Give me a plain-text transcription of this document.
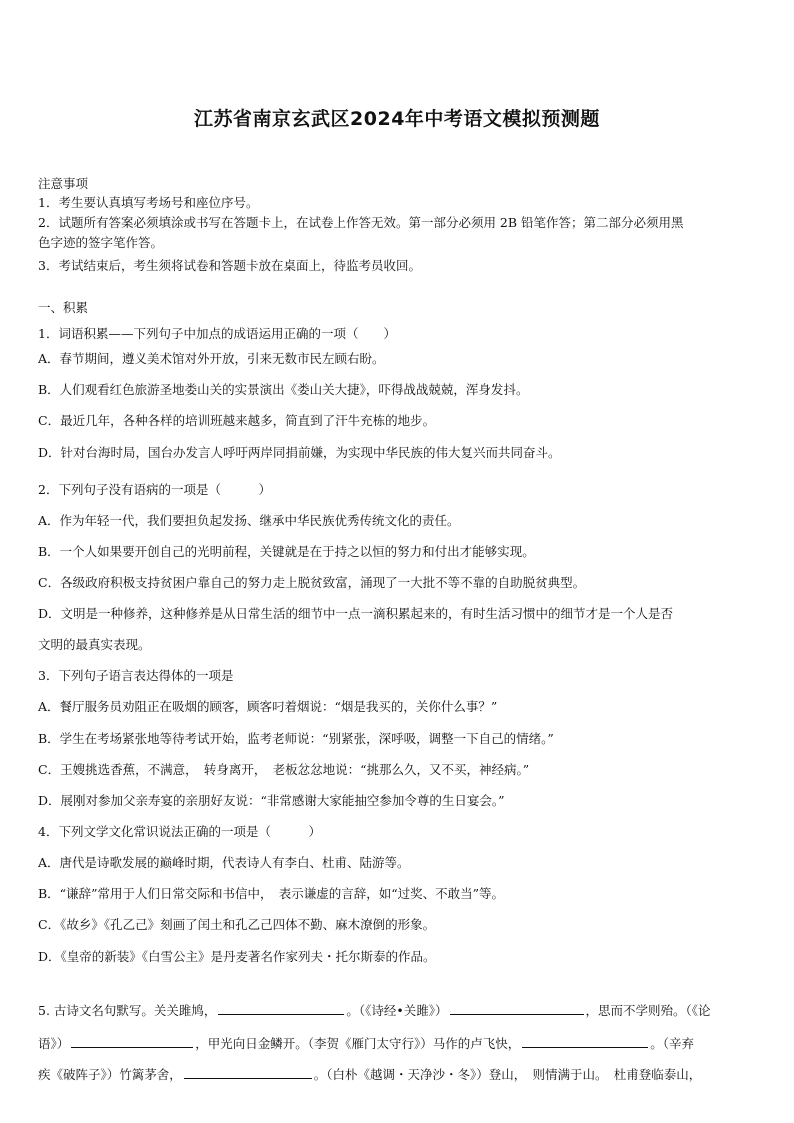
江苏省南京玄武区2024年中考语文模拟预测题
注意事项
1．考生要认真填写考场号和座位序号。
2．试题所有答案必须填涂或书写在答题卡上，在试卷上作答无效。第一部分必须用 2B 铅笔作答；第二部分必须用黑
色字迹的签字笔作答。
3．考试结束后，考生须将试卷和答题卡放在桌面上，待监考员收回。
一、积累
1．词语积累——下列句子中加点的成语运用正确的一项（　　）
A．春节期间，遵义美术馆对外开放，引来无数市民左顾右盼。
B．人们观看红色旅游圣地娄山关的实景演出《娄山关大捷》，吓得战战兢兢，浑身发抖。
C．最近几年，各种各样的培训班越来越多，简直到了汗牛充栋的地步。
D．针对台海时局，国台办发言人呼吁两岸同捐前嫌，为实现中华民族的伟大复兴而共同奋斗。
2．下列句子没有语病的一项是（　　　）
A．作为年轻一代，我们要担负起发扬、继承中华民族优秀传统文化的责任。
B．一个人如果要开创自己的光明前程，关键就是在于持之以恒的努力和付出才能够实现。
C．各级政府积极支持贫困户靠自己的努力走上脱贫致富，涌现了一大批不等不靠的自助脱贫典型。
D．文明是一种修养，这种修养是从日常生活的细节中一点一滴积累起来的，有时生活习惯中的细节才是一个人是否
文明的最真实表现。
3．下列句子语言表达得体的一项是
A．餐厅服务员劝阻正在吸烟的顾客，顾客叼着烟说：“烟是我买的，关你什么事？”
B．学生在考场紧张地等待考试开始，监考老师说：“别紧张，深呼吸，调整一下自己的情绪。”
C．王嫂挑选香蕉，不满意，　转身离开，　老板忿忿地说：“挑那么久，又不买，神经病。”
D．展刚对参加父亲寿宴的亲朋好友说：“非常感谢大家能抽空参加令尊的生日宴会。”
4．下列文学文化常识说法正确的一项是（　　　）
A．唐代是诗歌发展的巅峰时期，代表诗人有李白、杜甫、陆游等。
B．“谦辞”常用于人们日常交际和书信中，　表示谦虚的言辞，如“过奖、不敢当”等。
C．《故乡》《孔乙己》刻画了闰土和孔乙己四体不勤、麻木潦倒的形象。
D．《皇帝的新装》《白雪公主》是丹麦著名作家列夫・托尔斯泰的作品。
5. 古诗文名句默写。关关雎鸠，	。（《诗经•关雎》）	，思而不学则殆。（《论
语》）	，甲光向日金鳞开。（李贺《雁门太守行》）马作的卢飞快，	。（辛弃
疾《破阵子》）竹篱茅舍，	。（白朴《越调・天净沙・冬》）登山，　则情满于山。　杜甫登临泰山，
